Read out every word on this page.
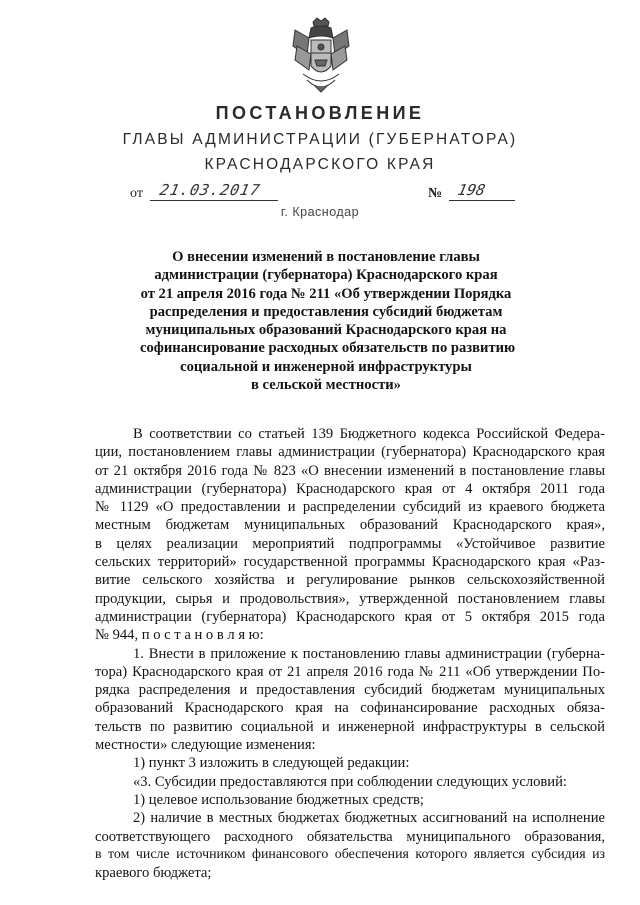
ПОСТАНОВЛЕНИЕ
ГЛАВЫ АДМИНИСТРАЦИИ (ГУБЕРНАТОРА)
КРАСНОДАРСКОГО КРАЯ
от 21.03.2017	№ 198
г. Краснодар
О внесении изменений в постановление главы
администрации (губернатора) Краснодарского края
от 21 апреля 2016 года № 211 «Об утверждении Порядка
распределения и предоставления субсидий бюджетам
муниципальных образований Краснодарского края на
софинансирование расходных обязательств по развитию
социальной и инженерной инфраструктуры
в сельской местности»
В соответствии со статьей 139 Бюджетного кодекса Российской Федера-
ции, постановлением главы администрации (губернатора) Краснодарского края
от 21 октября 2016 года № 823 «О внесении изменений в постановление главы
администрации (губернатора) Краснодарского края от 4 октября 2011 года
№ 1129 «О предоставлении и распределении субсидий из краевого бюджета
местным бюджетам муниципальных образований Краснодарского края»,
в целях реализации мероприятий подпрограммы «Устойчивое развитие
сельских территорий» государственной программы Краснодарского края «Раз-
витие сельского хозяйства и регулирование рынков сельскохозяйственной
продукции, сырья и продовольствия», утвержденной постановлением главы
администрации (губернатора) Краснодарского края от 5 октября 2015 года
№ 944, п о с т а н о в л я ю:
1. Внести в приложение к постановлению главы администрации (губерна-
тора) Краснодарского края от 21 апреля 2016 года № 211 «Об утверждении По-
рядка распределения и предоставления субсидий бюджетам муниципальных
образований Краснодарского края на софинансирование расходных обяза-
тельств по развитию социальной и инженерной инфраструктуры в сельской
местности» следующие изменения:
1) пункт 3 изложить в следующей редакции:
«3. Субсидии предоставляются при соблюдении следующих условий:
1) целевое использование бюджетных средств;
2) наличие в местных бюджетах бюджетных ассигнований на исполнение
соответствующего расходного обязательства муниципального образования,
в том числе источником финансового обеспечения которого является субсидия из
краевого бюджета;
